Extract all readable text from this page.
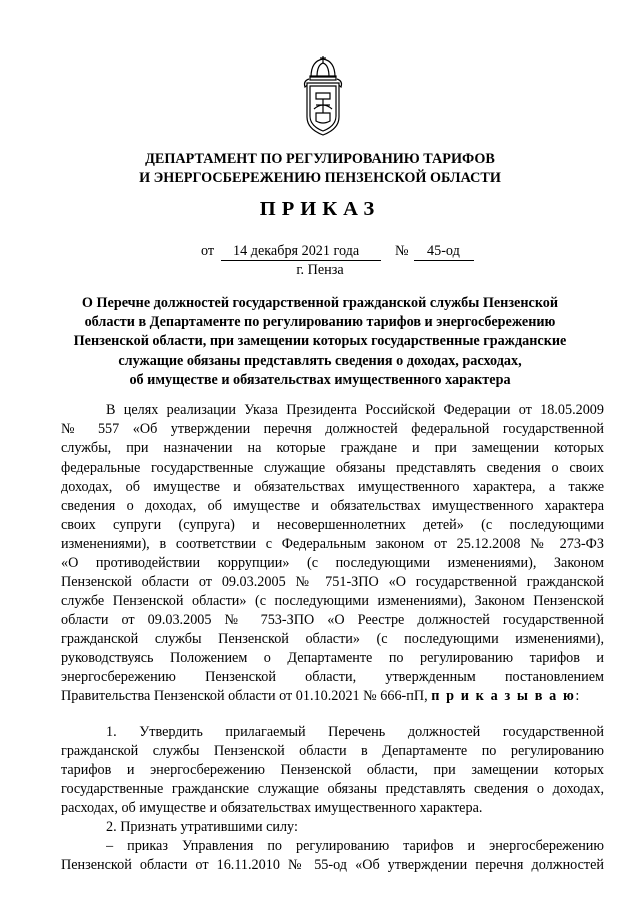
ДЕПАРТАМЕНТ ПО РЕГУЛИРОВАНИЮ ТАРИФОВ
И ЭНЕРГОСБЕРЕЖЕНИЮ ПЕНЗЕНСКОЙ ОБЛАСТИ
ПРИКАЗ
от 14 декабря 2021 года	№ 45-од
г. Пенза
О Перечне должностей государственной гражданской службы Пензенской
области в Департаменте по регулированию тарифов и энергосбережению
Пензенской области, при замещении которых государственные гражданские
служащие обязаны представлять сведения о доходах, расходах,
об имуществе и обязательствах имущественного характера
В целях реализации Указа Президента Российской Федерации от 18.05.2009
№ 557 «Об утверждении перечня должностей федеральной государственной
службы, при назначении на которые граждане и при замещении которых
федеральные государственные служащие обязаны представлять сведения о своих
доходах, об имуществе и обязательствах имущественного характера, а также
сведения о доходах, об имуществе и обязательствах имущественного характера
своих супруги (супруга) и несовершеннолетних детей» (с последующими
изменениями), в соответствии с Федеральным законом от 25.12.2008 № 273-ФЗ
«О противодействии коррупции» (с последующими изменениями), Законом
Пензенской области от 09.03.2005 № 751-ЗПО «О государственной гражданской
службе Пензенской области» (с последующими изменениями), Законом Пензенской
области от 09.03.2005 № 753-ЗПО «О Реестре должностей государственной
гражданской службы Пензенской области» (с последующими изменениями),
руководствуясь Положением о Департаменте по регулированию тарифов и
энергосбережению Пензенской области, утвержденным постановлением
Правительства Пензенской области от 01.10.2021 № 666-пП, п р и к а з ы в а ю:
1. Утвердить прилагаемый Перечень должностей государственной
гражданской службы Пензенской области в Департаменте по регулированию
тарифов и энергосбережению Пензенской области, при замещении которых
государственные гражданские служащие обязаны представлять сведения о доходах,
расходах, об имуществе и обязательствах имущественного характера.
2. Признать утратившими силу:
– приказ Управления по регулированию тарифов и энергосбережению
Пензенской области от 16.11.2010 № 55-од «Об утверждении перечня должностей
